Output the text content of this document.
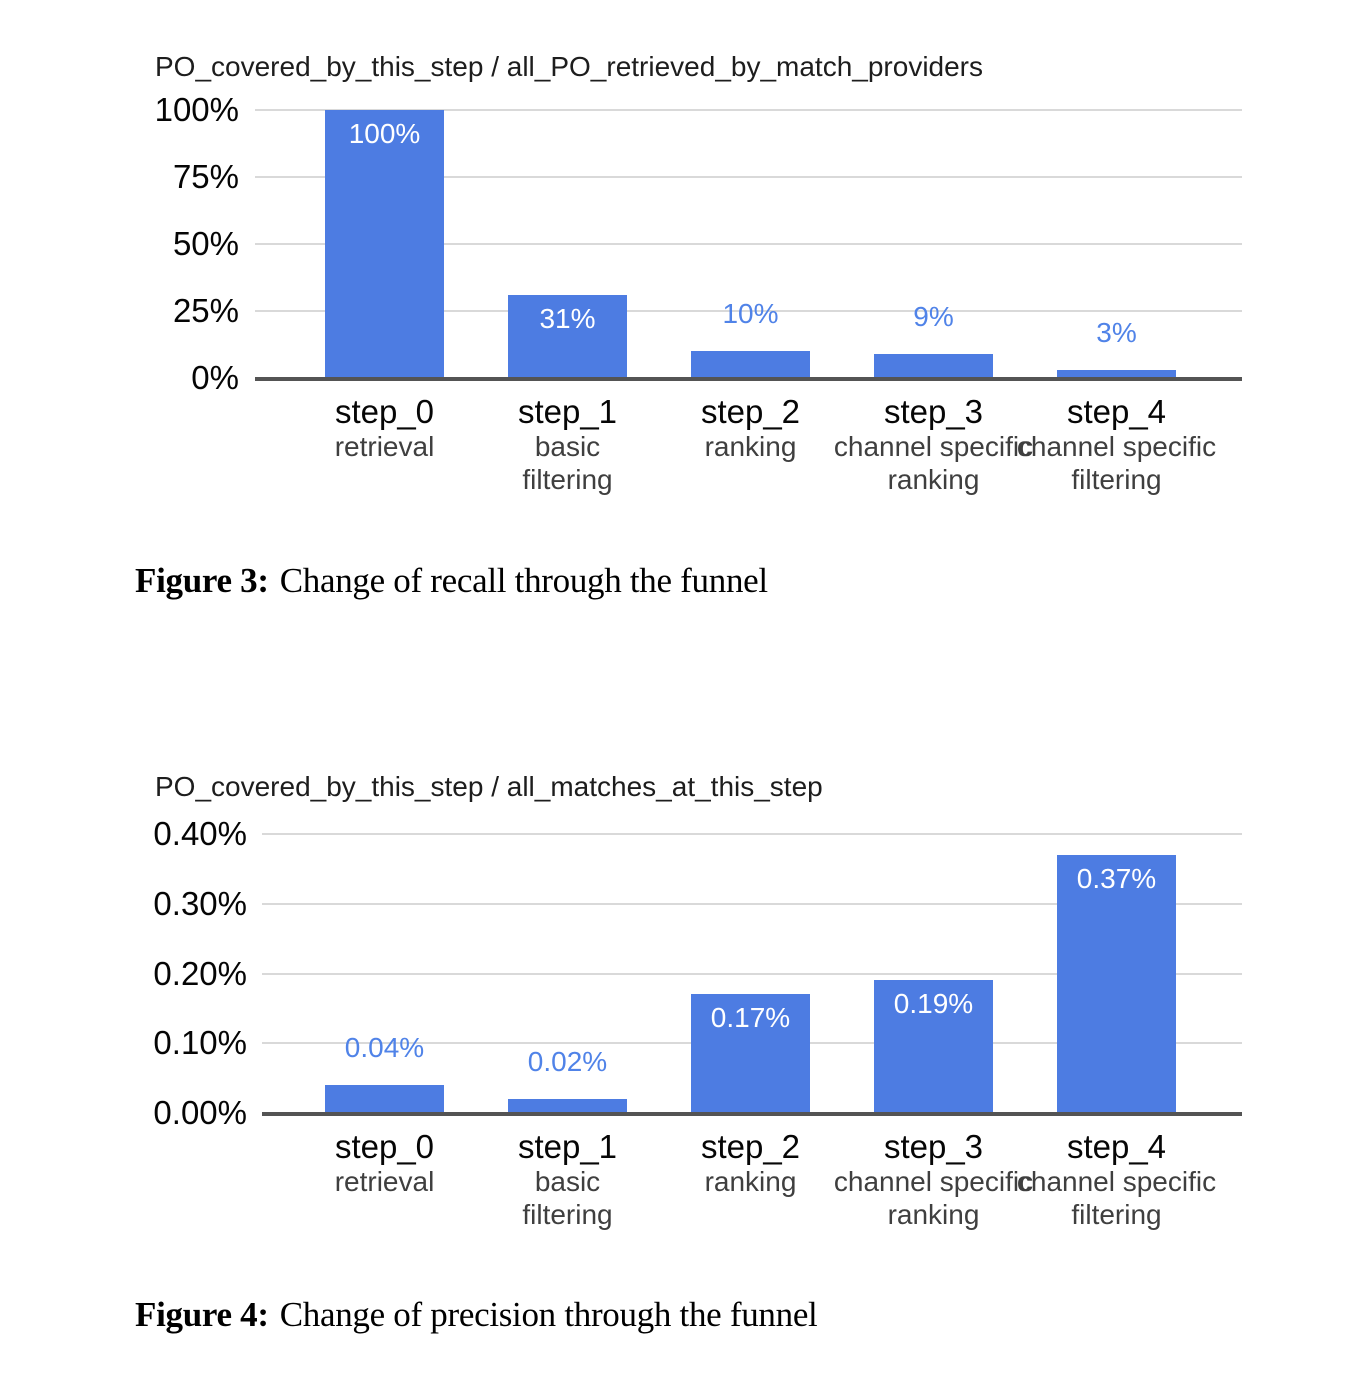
PO_covered_by_this_step / all_PO_retrieved_by_match_providers
Figure 3: Change of recall through the funnel
PO_covered_by_this_step / all_matches_at_this_step
Figure 4: Change of precision through the funnel
100%
75%
50%
25%
0%
100%
31%	10%	9%
3%
step_0
retrieval
step_1
basic
filtering
step_2
ranking
step_3
channel specific
ranking
step_4
channel specific
filtering
0.40%
0.30%
0.20%
0.10%
0.00%
0.04%	0.02%
0.17%	0.19%
0.37%
step_0
retrieval
step_1
basic
filtering
step_2
ranking
step_3
channel specific
ranking
step_4
channel specific
filtering
